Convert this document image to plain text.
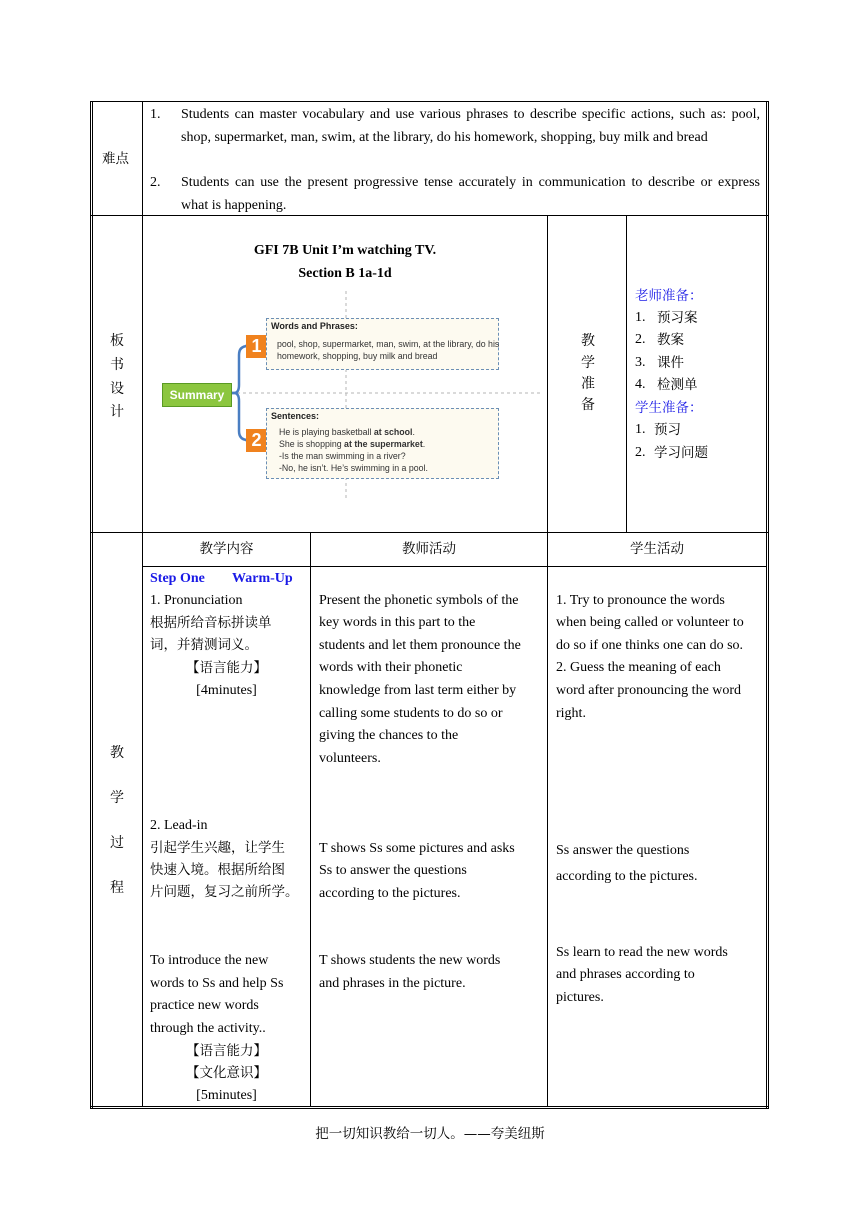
难点
1. Students can master vocabulary and use various phrases to describe specific actions, such as: pool, shop, supermarket, man, swim, at the library, do his homework, shopping, buy milk and bread
2. Students can use the present progressive tense accurately in communication to describe or express what is happening.
板
书
设
计
GFI 7B Unit I’m watching TV.
Section B 1a-1d
Summary
1
Words and Phrases:
pool, shop, supermarket, man, swim, at the library, do his
homework, shopping, buy milk and bread
2
Sentences:
He is playing basketball at school.
She is shopping at the supermarket.
-Is the man swimming in a river?
-No, he isn’t. He’s swimming in a pool.
教
学
准
备
老师准备：
1. 预习案
2. 教案
3. 课件
4. 检测单
学生准备：
1. 预习
2. 学习问题
教
学
过
程
教学内容	教师活动	学生活动
Step One Warm-Up
1. Pronunciation
根据所给音标拼读单
词，并猜测词义。
【语言能力】
[4minutes]
2. Lead-in
引起学生兴趣，让学生
快速入境。根据所给图
片问题，复习之前所学。
To introduce the new
words to Ss and help Ss
practice new words
through the activity..
【语言能力】
【文化意识】
[5minutes]
Present the phonetic symbols of the
key words in this part to the
students and let them pronounce the
words with their phonetic
knowledge from last term either by
calling some students to do so or
giving the chances to the
volunteers.
T shows Ss some pictures and asks
Ss to answer the questions
according to the pictures.
T shows students the new words
and phrases in the picture.
1. Try to pronounce the words
when being called or volunteer to
do so if one thinks one can do so.
2. Guess the meaning of each
word after pronouncing the word
right.
Ss answer the questions
according to the pictures.
Ss learn to read the new words
and phrases according to
pictures.
把一切知识教给一切人。——夸美纽斯
